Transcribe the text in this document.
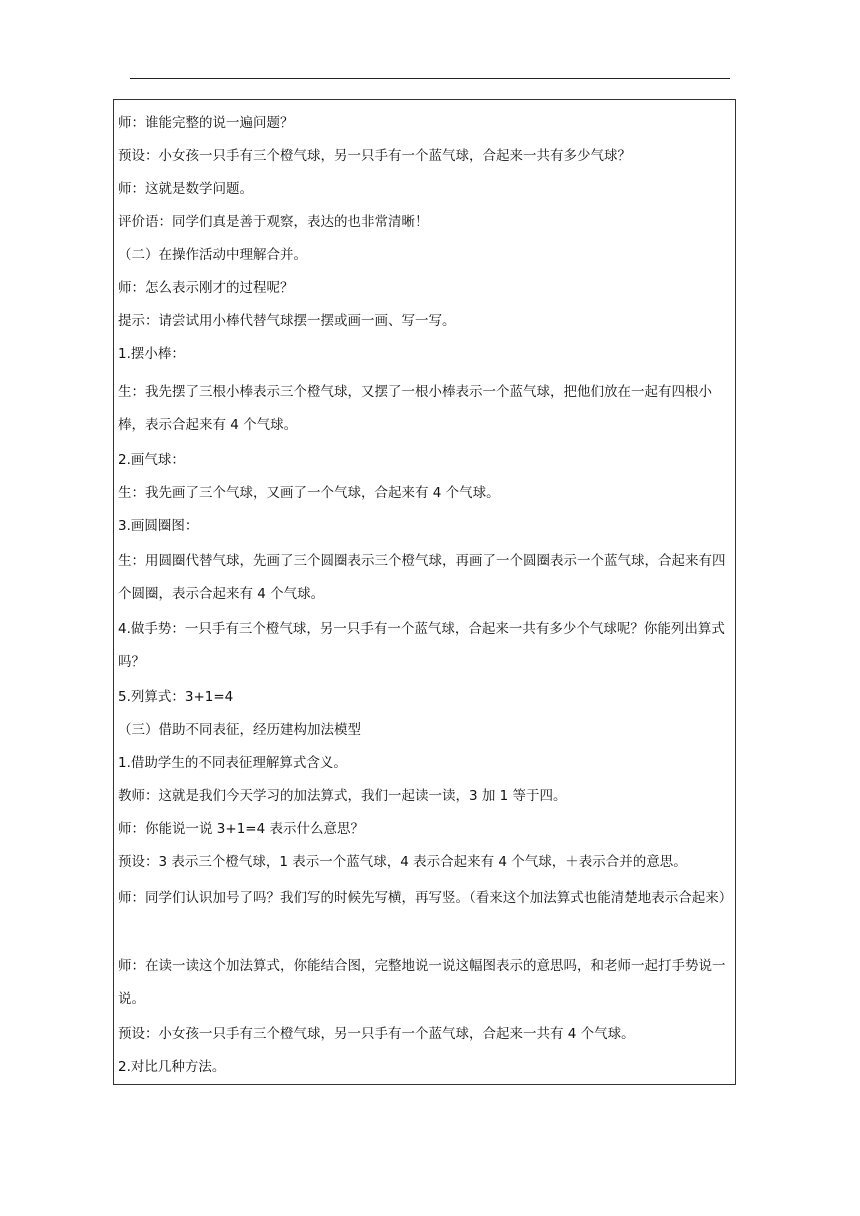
师：谁能完整的说一遍问题？
预设：小女孩一只手有三个橙气球，另一只手有一个蓝气球，合起来一共有多少气球？
师：这就是数学问题。
评价语：同学们真是善于观察，表达的也非常清晰！
（二）在操作活动中理解合并。
师：怎么表示刚才的过程呢？
提示：请尝试用小棒代替气球摆一摆或画一画、写一写。
1.摆小棒：
生：我先摆了三根小棒表示三个橙气球，又摆了一根小棒表示一个蓝气球，把他们放在一起有四根小棒，表示合起来有 4 个气球。
2.画气球：
生：我先画了三个气球，又画了一个气球，合起来有 4 个气球。
3.画圆圈图：
生：用圆圈代替气球，先画了三个圆圈表示三个橙气球，再画了一个圆圈表示一个蓝气球，合起来有四个圆圈，表示合起来有 4 个气球。
4.做手势：一只手有三个橙气球，另一只手有一个蓝气球，合起来一共有多少个气球呢？你能列出算式吗？
5.列算式：3+1=4
（三）借助不同表征，经历建构加法模型
1.借助学生的不同表征理解算式含义。
教师：这就是我们今天学习的加法算式，我们一起读一读，3 加 1 等于四。
师：你能说一说 3+1=4 表示什么意思？
预设：3 表示三个橙气球，1 表示一个蓝气球，4 表示合起来有 4 个气球，＋表示合并的意思。
师：同学们认识加号了吗？我们写的时候先写横，再写竖。（看来这个加法算式也能清楚地表示合起来）
师：在读一读这个加法算式，你能结合图，完整地说一说这幅图表示的意思吗，和老师一起打手势说一说。
预设：小女孩一只手有三个橙气球，另一只手有一个蓝气球，合起来一共有 4 个气球。
2.对比几种方法。
